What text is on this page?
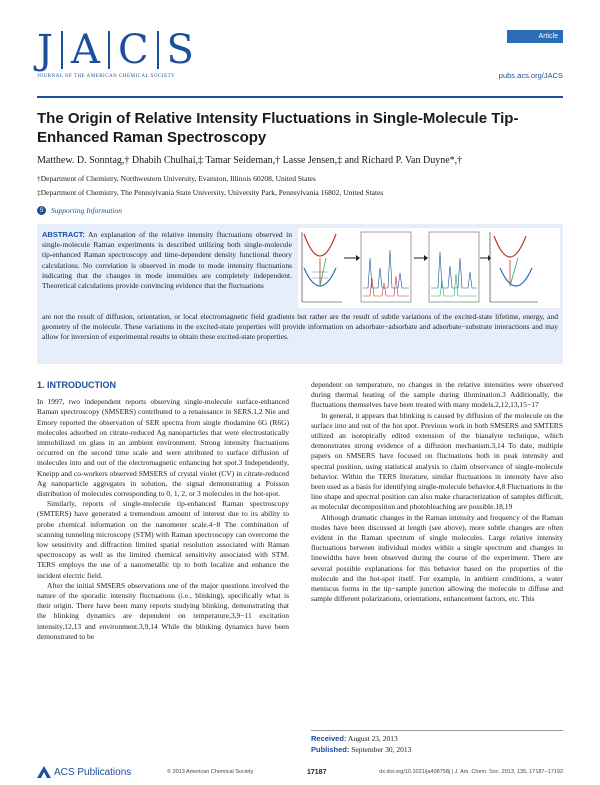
J A C S
JOURNAL OF THE AMERICAN CHEMICAL SOCIETY
Article
pubs.acs.org/JACS
The Origin of Relative Intensity Fluctuations in Single-Molecule Tip-Enhanced Raman Spectroscopy
Matthew. D. Sonntag,† Dhabih Chulhai,‡ Tamar Seideman,† Lasse Jensen,‡ and Richard P. Van Duyne*,†
†Department of Chemistry, Northwestern University, Evanston, Illinois 60208, United States
‡Department of Chemistry, The Pennsylvania State University, University Park, Pennsylvania 16802, United States
S	Supporting Information
ABSTRACT: An explanation of the relative intensity fluctuations observed in single-molecule Raman experiments is described utilizing both single-molecule tip-enhanced Raman spectroscopy and time-dependent density functional theory calculations. No correlation is observed in mode to mode intensity fluctuations indicating that the changes in mode intensities are completely independent. Theoretical calculations provide convincing evidence that the fluctuations
are not the result of diffusion, orientation, or local electromagnetic field gradients but rather are the result of subtle variations of the excited-state lifetime, energy, and geometry of the molecule. These variations in the excited-state properties will provide information on adsorbate−adsorbate and adsorbate−substrate interactions and may allow for inversion of experimental results to obtain these excited-state properties.
1. INTRODUCTION

In 1997, two independent reports observing single-molecule surface-enhanced Raman spectroscopy (SMSERS) contributed to a renaissance in SERS.1,2 Nie and Emory reported the observation of SER spectra from single rhodamine 6G (R6G) molecules adsorbed on citrate-reduced Ag nanoparticles that were electrostatically immobilized on glass in an ambient environment. Strong intensity fluctuations occurred on the second time scale and were attributed to surface diffusion of molecules into and out of the electromagnetic enhancing hot spot.3 Independently, Kneipp and co-workers observed SMSERS of crystal violet (CV) in citrate-reduced Ag nanoparticle aggregates in solution, the signal demonstrating a Poisson distribution of molecules corresponding to 0, 1, 2, or 3 molecules in the hot-spot.

Similarly, reports of single-molecule tip-enhanced Raman spectroscopy (SMTERS) have generated a tremendous amount of interest due to its ability to probe chemical information on the nanometer scale.4−8 The combination of scanning tunneling microscopy (STM) with Raman spectroscopy can overcome the low sensitivity and diffraction limited spatial resolution associated with Raman spectroscopy as well as the limited chemical sensitivity associated with STM. TERS employs the use of a nanometallic tip to both localize and enhance the incident electric field.

After the initial SMSERS observations one of the major questions involved the nature of the sporadic intensity fluctuations (i.e., blinking), specifically what is their origin. There have been many reports studying blinking, demonstrating that the blinking dynamics are dependent on temperature,3,9−11 excitation intensity,12,13 and environment.3,9,14 While the blinking dynamics have been demonstrated to be

dependent on temperature, no changes in the relative intensities were observed during thermal heating of the sample during illumination.3 Additionally, the fluctuations themselves have been treated with many models.2,12,13,15−17

In general, it appears that blinking is caused by diffusion of the molecule on the surface into and out of the hot spot. Previous work in both SMSERS and SMTERS utilized an isotopically edited extension of the bianalyte technique, which demonstrates strong evidence of a diffusion mechanism.3,14 To date, multiple papers on SMSERS have focused on fluctuations both in peak intensity and spectral position, using statistical analysis to claim observance of single-molecule behavior. Within the TERS literature, similar fluctuations in intensity have also been used as a basis for identifying single-molecule behavior.4,8 Fluctuations in the line shape and spectral position can also make characterization of samples difficult, as molecular decomposition and photobleaching are possible.18,19

Although dramatic changes in the Raman intensity and frequency of the Raman modes have been discussed at length (see above), more subtle changes are often evident in the Raman spectrum of single molecules. Large relative intensity fluctuations between individual modes within a single spectrum and changes in linewidths have been observed during the course of the experiment. There are several possible explanations for this behavior based on the properties of the molecule and the hot-spot itself. For example, in ambient conditions, a water meniscus forms in the tip−sample junction allowing the molecule to diffuse and sample different polarizations, orientations, enhancement factors, etc. This

Received: August 23, 2013
Published: September 30, 2013
ACS Publications	© 2013 American Chemical Society	17187	dx.doi.org/10.1021/ja408758j | J. Am. Chem. Soc. 2013, 135, 17187−17192
